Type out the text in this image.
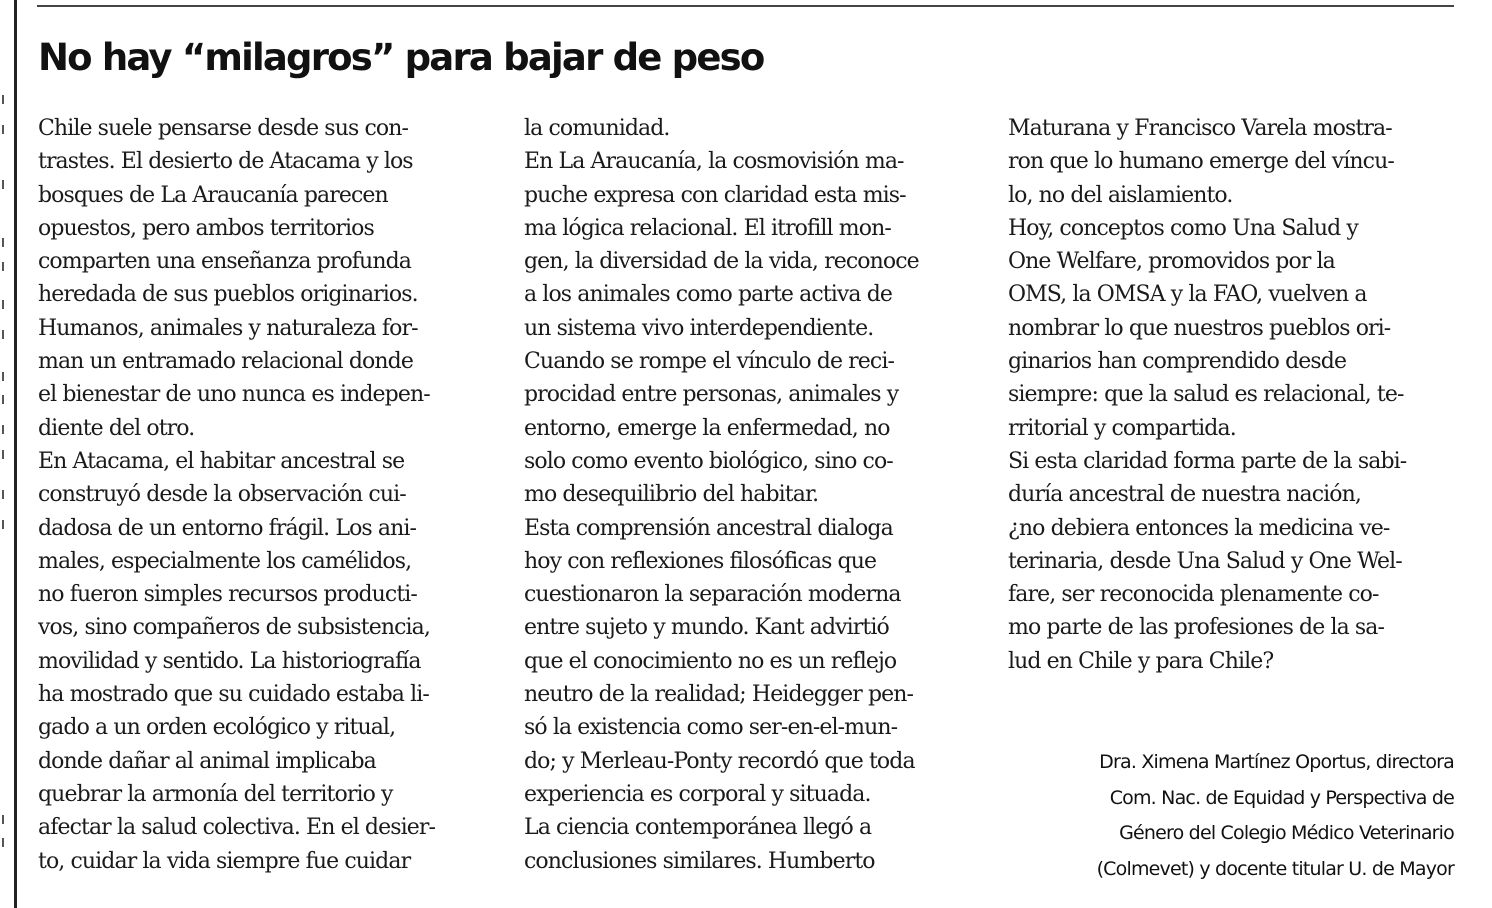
No hay “milagros” para bajar de peso
Chile suele pensarse desde sus con-
trastes. El desierto de Atacama y los
bosques de La Araucanía parecen
opuestos, pero ambos territorios
comparten una enseñanza profunda
heredada de sus pueblos originarios.
Humanos, animales y naturaleza for-
man un entramado relacional donde
el bienestar de uno nunca es indepen-
diente del otro.
En Atacama, el habitar ancestral se
construyó desde la observación cui-
dadosa de un entorno frágil. Los ani-
males, especialmente los camélidos,
no fueron simples recursos producti-
vos, sino compañeros de subsistencia,
movilidad y sentido. La historiografía
ha mostrado que su cuidado estaba li-
gado a un orden ecológico y ritual,
donde dañar al animal implicaba
quebrar la armonía del territorio y
afectar la salud colectiva. En el desier-
to, cuidar la vida siempre fue cuidar
la comunidad.
En La Araucanía, la cosmovisión ma-
puche expresa con claridad esta mis-
ma lógica relacional. El itrofill mon-
gen, la diversidad de la vida, reconoce
a los animales como parte activa de
un sistema vivo interdependiente.
Cuando se rompe el vínculo de reci-
procidad entre personas, animales y
entorno, emerge la enfermedad, no
solo como evento biológico, sino co-
mo desequilibrio del habitar.
Esta comprensión ancestral dialoga
hoy con reflexiones filosóficas que
cuestionaron la separación moderna
entre sujeto y mundo. Kant advirtió
que el conocimiento no es un reflejo
neutro de la realidad; Heidegger pen-
só la existencia como ser-en-el-mun-
do; y Merleau-Ponty recordó que toda
experiencia es corporal y situada.
La ciencia contemporánea llegó a
conclusiones similares. Humberto
Maturana y Francisco Varela mostra-
ron que lo humano emerge del víncu-
lo, no del aislamiento.
Hoy, conceptos como Una Salud y
One Welfare, promovidos por la
OMS, la OMSA y la FAO, vuelven a
nombrar lo que nuestros pueblos ori-
ginarios han comprendido desde
siempre: que la salud es relacional, te-
rritorial y compartida.
Si esta claridad forma parte de la sabi-
duría ancestral de nuestra nación,
¿no debiera entonces la medicina ve-
terinaria, desde Una Salud y One Wel-
fare, ser reconocida plenamente co-
mo parte de las profesiones de la sa-
lud en Chile y para Chile?
Dra. Ximena Martínez Oportus, directora
Com. Nac. de Equidad y Perspectiva de
Género del Colegio Médico Veterinario
(Colmevet) y docente titular U. de Mayor
